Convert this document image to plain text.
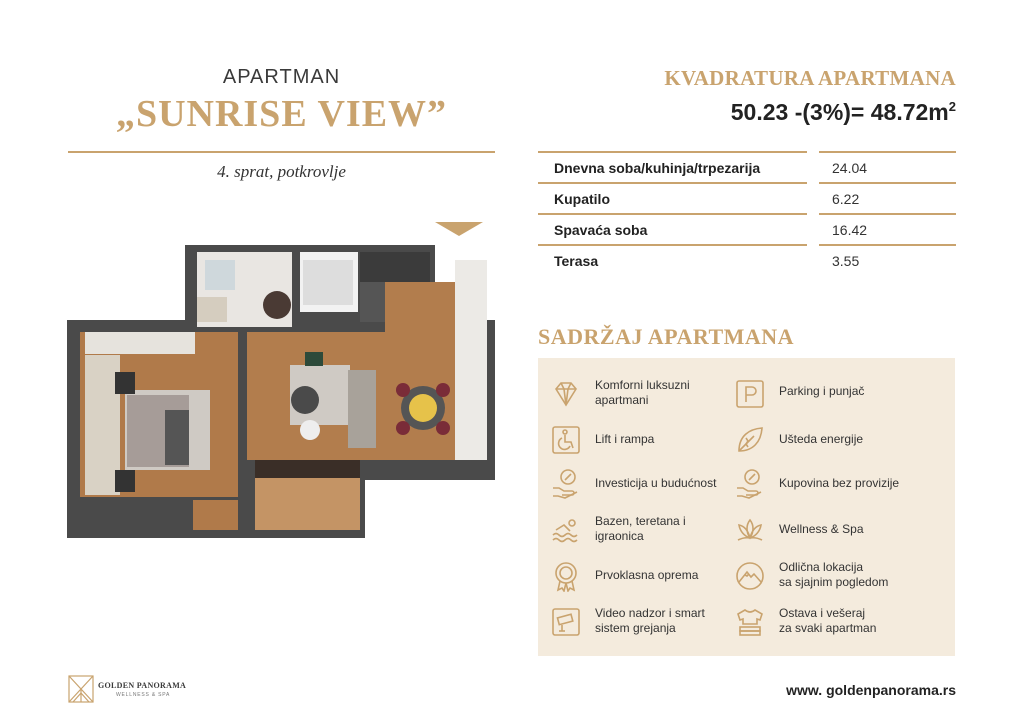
APARTMAN
„SUNRISE VIEW”
4. sprat, potkrovlje
KVADRATURA APARTMANA
50.23 $-(3\%)= 48.72m^2$
Dnevna soba/kuhinja/trpezarija	24.04
Kupatilo	6.22
Spavaća soba	16.42
Terasa	3.55
SADRŽAJ APARTMANA
Komforni luksuzni
apartmani
Lift i rampa
Investicija u budućnost
Bazen, teretana i
igraonica
Prvoklasna oprema
Video nadzor i smart
sistem grejanja
Parking i punjač
Ušteda energije
Kupovina bez provizije
Wellness & Spa
Odlična lokacija
sa sjajnim pogledom
Ostava i vešeraj
za svaki apartman
GOLDEN PANORAMA
WELLNESS & SPA	www. goldenpanorama.rs
